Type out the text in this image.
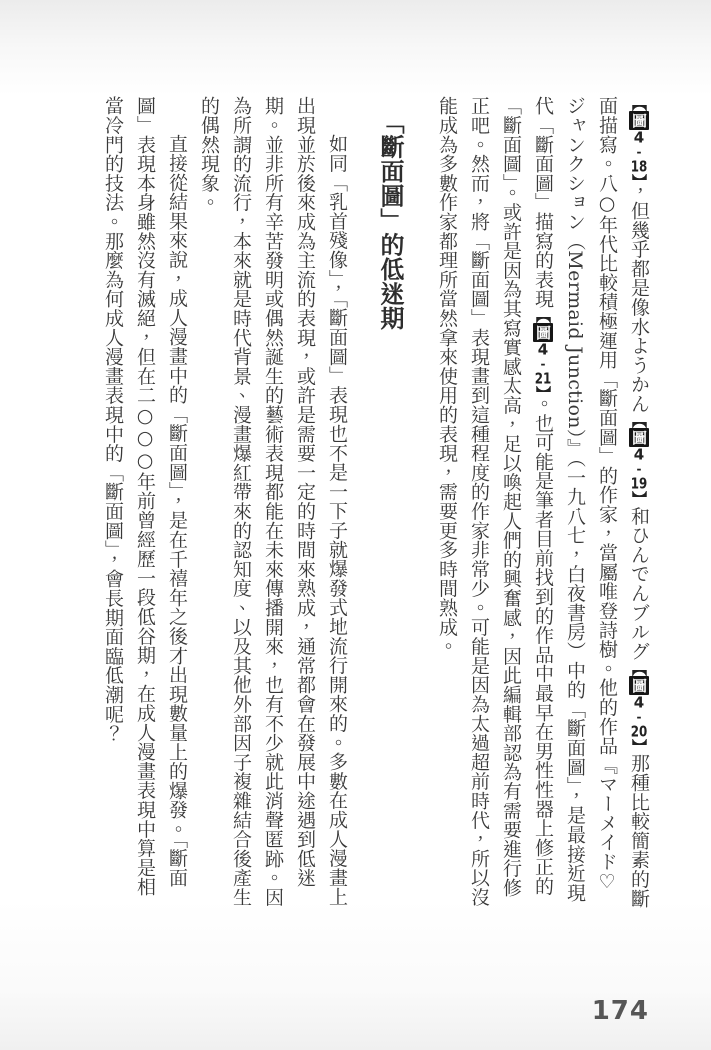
【圖4-18】，但幾乎都是像水ようかん【圖4-19】和ひんでんブルグ【圖4-20】那種比較簡素的斷面描寫。八○年代比較積極運用「斷面圖」的作家，當屬唯登詩樹。他的作品『マーメイド♡ジャンクション（Mermaid Junction）』（一九八七，白夜書房）中的「斷面圖」，是最接近現代「斷面圖」描寫的表現【圖4-21】。也可能是筆者目前找到的作品中最早在男性性器上修正的「斷面圖」。或許是因為其寫實感太高，足以喚起人們的興奮感，因此編輯部認為有需要進行修正吧。然而，將「斷面圖」表現畫到這種程度的作家非常少。可能是因為太過超前時代，所以沒能成為多數作家都理所當然拿來使用的表現，需要更多時間熟成。

「斷面圖」的低迷期

如同「乳首殘像」，「斷面圖」表現也不是一下子就爆發式地流行開來的。多數在成人漫畫上出現並於後來成為主流的表現，或許是需要一定的時間來熟成，通常都會在發展中途遇到低迷期。並非所有辛苦發明或偶然誕生的藝術表現都能在未來傳播開來，也有不少就此消聲匿跡。因為所謂的流行，本來就是時代背景、漫畫爆紅帶來的認知度、以及其他外部因子複雜結合後產生的偶然現象。

直接從結果來說，成人漫畫中的「斷面圖」，是在千禧年之後才出現數量上的爆發。「斷面圖」表現本身雖然沒有滅絕，但在二○○○年前曾經歷一段低谷期，在成人漫畫表現中算是相當冷門的技法。那麼為何成人漫畫表現中的「斷面圖」，會長期面臨低潮呢？

174
